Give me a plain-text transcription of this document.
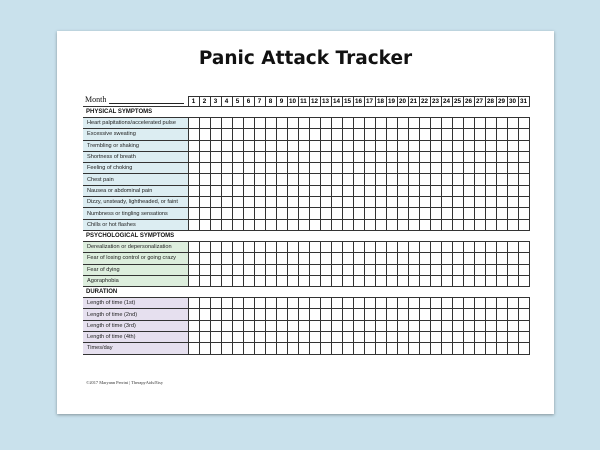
Panic Attack Tracker
Month
		1	2	3	4	5	6	7	8	9	10	11	12	13	14	15	16	17	18	19	20	21	22	23	24	25	26	27	28	29	30	31
PHYSICAL SYMPTOMS																															
Heart palpitations/accelerated pulse																															
Excessive sweating																															
Trembling or shaking																															
Shortness of breath																															
Feeling of choking																															
Chest pain																															
Nausea or abdominal pain																															
Dizzy, unsteady, lightheaded, or faint																															
Numbness or tingling sensations																															
Chills or hot flashes																															
PSYCHOLOGICAL SYMPTOMS																															
Derealization or depersonalization																															
Fear of losing control or going crazy																															
Fear of dying																															
Agoraphobia																															
DURATION																															
Length of time (1st)																															
Length of time (2nd)																															
Length of time (3rd)																															
Length of time (4th)																															
Times/day																															
©2017 Maryann Perrini | TherapyAids/Etsy
